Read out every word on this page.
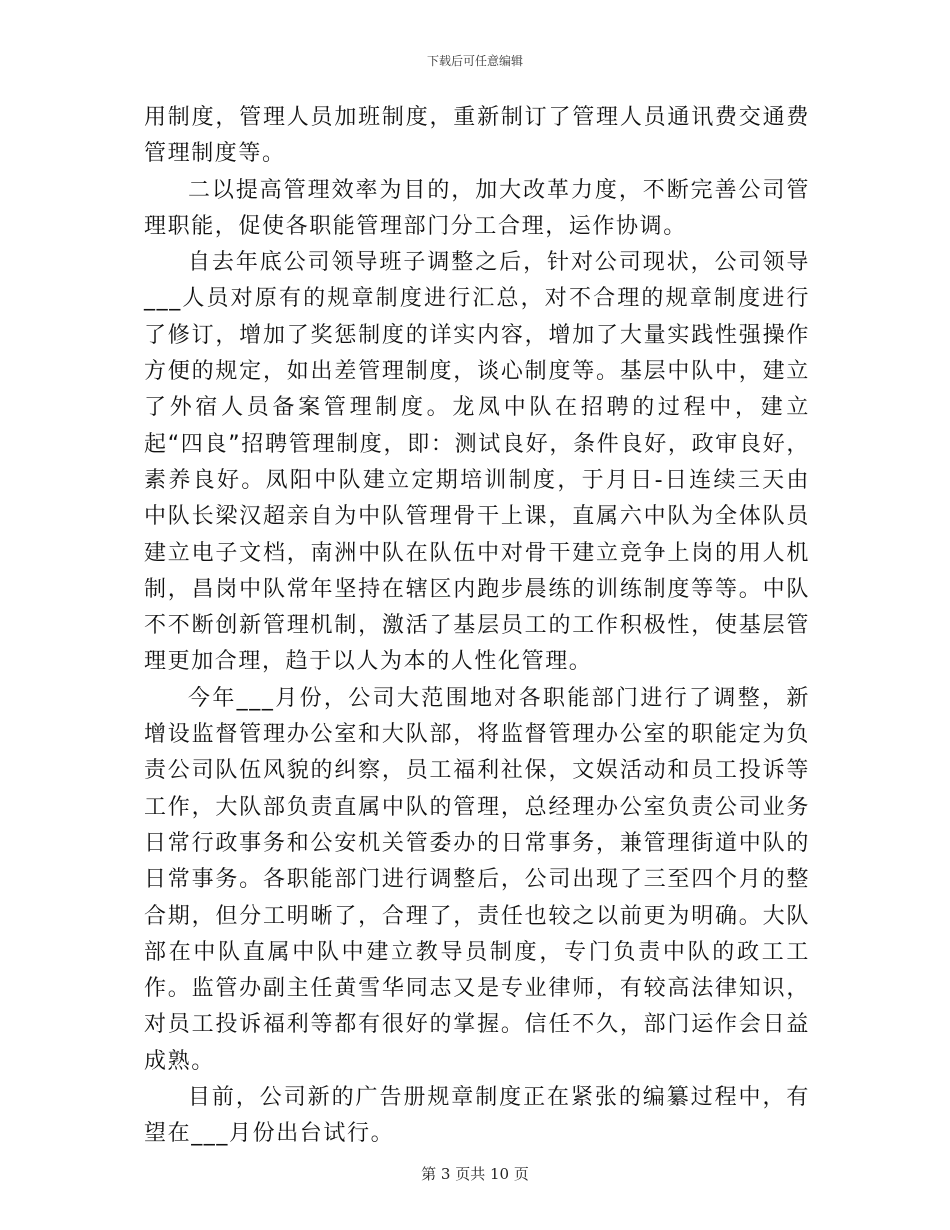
下载后可任意编辑

用制度，管理人员加班制度，重新制订了管理人员通讯费交通费管理制度等。

二以提高管理效率为目的，加大改革力度，不断完善公司管理职能，促使各职能管理部门分工合理，运作协调。

自去年底公司领导班子调整之后，针对公司现状，公司领导___人员对原有的规章制度进行汇总，对不合理的规章制度进行了修订，增加了奖惩制度的详实内容，增加了大量实践性强操作方便的规定，如出差管理制度，谈心制度等。基层中队中，建立了外宿人员备案管理制度。龙凤中队在招聘的过程中，建立起“四良”招聘管理制度，即：测试良好，条件良好，政审良好，素养良好。凤阳中队建立定期培训制度，于月日-日连续三天由中队长梁汉超亲自为中队管理骨干上课，直属六中队为全体队员建立电子文档，南洲中队在队伍中对骨干建立竞争上岗的用人机制，昌岗中队常年坚持在辖区内跑步晨练的训练制度等等。中队不不断创新管理机制，激活了基层员工的工作积极性，使基层管理更加合理，趋于以人为本的人性化管理。

今年___月份，公司大范围地对各职能部门进行了调整，新增设监督管理办公室和大队部，将监督管理办公室的职能定为负责公司队伍风貌的纠察，员工福利社保，文娱活动和员工投诉等工作，大队部负责直属中队的管理，总经理办公室负责公司业务日常行政事务和公安机关管委办的日常事务，兼管理街道中队的日常事务。各职能部门进行调整后，公司出现了三至四个月的整合期，但分工明晰了，合理了，责任也较之以前更为明确。大队部在中队直属中队中建立教导员制度，专门负责中队的政工工作。监管办副主任黄雪华同志又是专业律师，有较高法律知识，对员工投诉福利等都有很好的掌握。信任不久，部门运作会日益成熟。

目前，公司新的广告册规章制度正在紧张的编纂过程中，有望在___月份出台试行。

第 3 页共 10 页
